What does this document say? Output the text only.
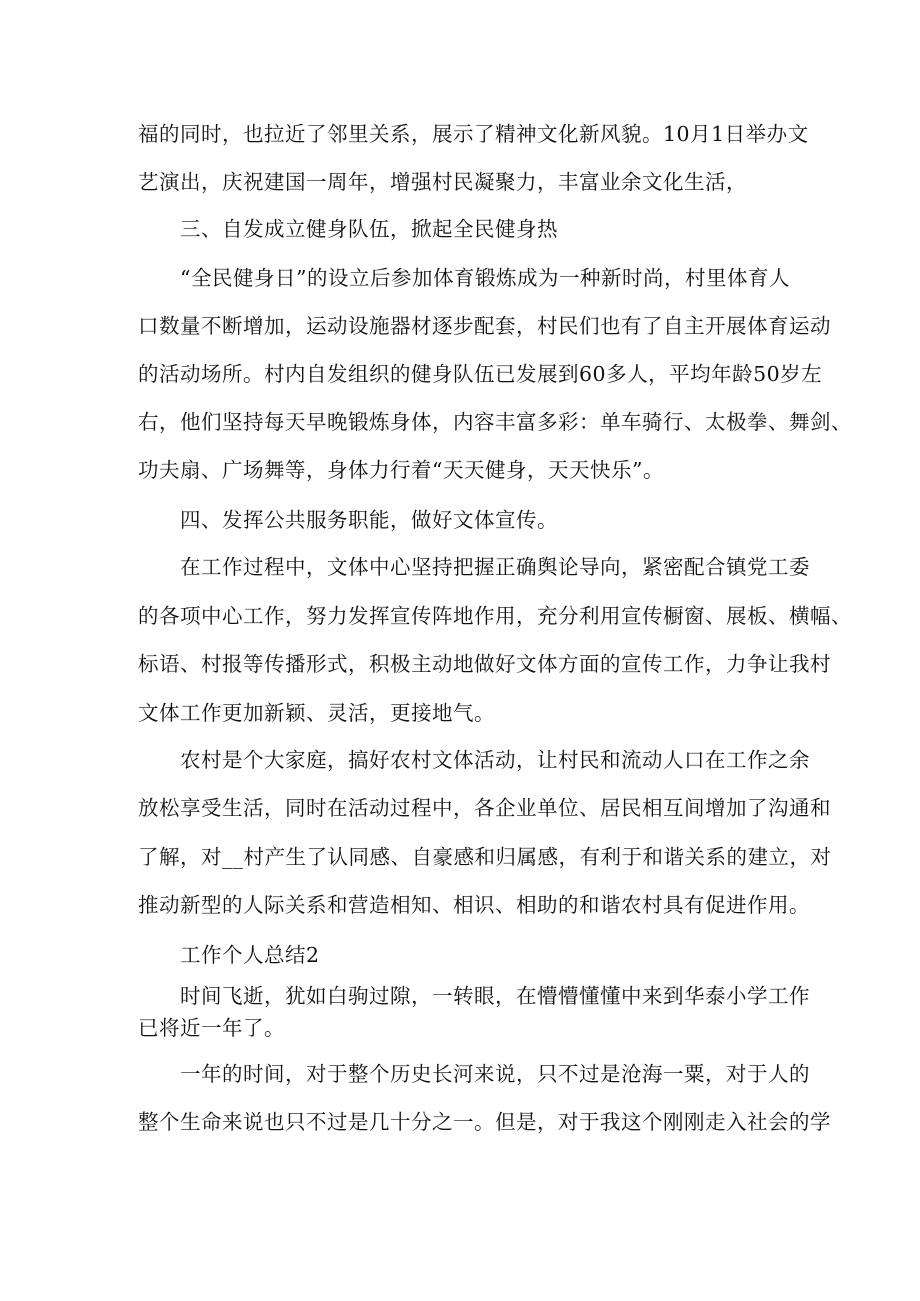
福的同时，也拉近了邻里关系，展示了精神文化新风貌。10月1日举办文
艺演出，庆祝建国一周年，增强村民凝聚力，丰富业余文化生活，
三、自发成立健身队伍，掀起全民健身热
“全民健身日”的设立后参加体育锻炼成为一种新时尚，村里体育人
口数量不断增加，运动设施器材逐步配套，村民们也有了自主开展体育运动
的活动场所。村内自发组织的健身队伍已发展到60多人，平均年龄50岁左
右，他们坚持每天早晚锻炼身体，内容丰富多彩：单车骑行、太极拳、舞剑、
功夫扇、广场舞等，身体力行着“天天健身，天天快乐”。
四、发挥公共服务职能，做好文体宣传。
在工作过程中，文体中心坚持把握正确舆论导向，紧密配合镇党工委
的各项中心工作，努力发挥宣传阵地作用，充分利用宣传橱窗、展板、横幅、
标语、村报等传播形式，积极主动地做好文体方面的宣传工作，力争让我村
文体工作更加新颖、灵活，更接地气。
农村是个大家庭，搞好农村文体活动，让村民和流动人口在工作之余
放松享受生活，同时在活动过程中，各企业单位、居民相互间增加了沟通和
了解，对__村产生了认同感、自豪感和归属感，有利于和谐关系的建立，对
推动新型的人际关系和营造相知、相识、相助的和谐农村具有促进作用。
工作个人总结2
时间飞逝，犹如白驹过隙，一转眼，在懵懵懂懂中来到华泰小学工作
已将近一年了。
一年的时间，对于整个历史长河来说，只不过是沧海一粟，对于人的
整个生命来说也只不过是几十分之一。但是，对于我这个刚刚走入社会的学
